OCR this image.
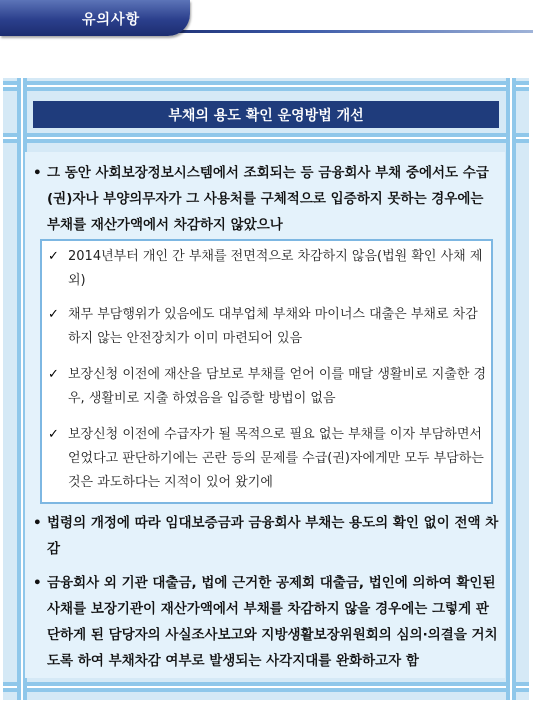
유의사항
부채의 용도 확인 운영방법 개선
• 그 동안 사회보장정보시스템에서 조회되는 등 금융회사 부채 중에서도 수급(권)자나 부양의무자가 그 사용처를 구체적으로 입증하지 못하는 경우에는 부채를 재산가액에서 차감하지 않았으나
✓ 2014년부터 개인 간 부채를 전면적으로 차감하지 않음(법원 확인 사채 제외)
✓ 채무 부담행위가 있음에도 대부업체 부채와 마이너스 대출은 부채로 차감하지 않는 안전장치가 이미 마련되어 있음
✓ 보장신청 이전에 재산을 담보로 부채를 얻어 이를 매달 생활비로 지출한 경우, 생활비로 지출 하였음을 입증할 방법이 없음
✓ 보장신청 이전에 수급자가 될 목적으로 필요 없는 부채를 이자 부담하면서 얻었다고 판단하기에는 곤란 등의 문제를 수급(권)자에게만 모두 부담하는 것은 과도하다는 지적이 있어 왔기에
• 법령의 개정에 따라 임대보증금과 금융회사 부채는 용도의 확인 없이 전액 차감
• 금융회사 외 기관 대출금, 법에 근거한 공제회 대출금, 법인에 의하여 확인된 사채를 보장기관이 재산가액에서 부채를 차감하지 않을 경우에는 그렇게 판단하게 된 담당자의 사실조사보고와 지방생활보장위원회의 심의·의결을 거치도록 하여 부채차감 여부로 발생되는 사각지대를 완화하고자 함
